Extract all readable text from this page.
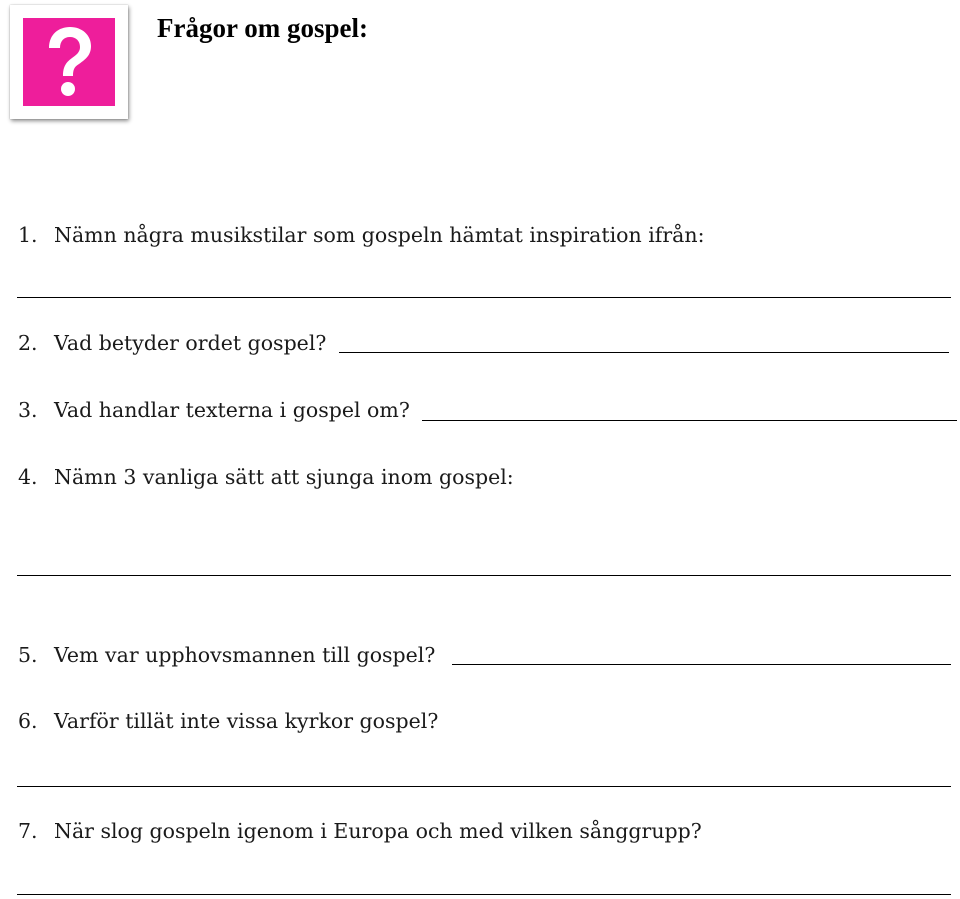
Frågor om gospel:
1. Nämn några musikstilar som gospeln hämtat inspiration ifrån:
2. Vad betyder ordet gospel?
3. Vad handlar texterna i gospel om?
4. Nämn 3 vanliga sätt att sjunga inom gospel:
5. Vem var upphovsmannen till gospel?
6. Varför tillät inte vissa kyrkor gospel?
7. När slog gospeln igenom i Europa och med vilken sånggrupp?
